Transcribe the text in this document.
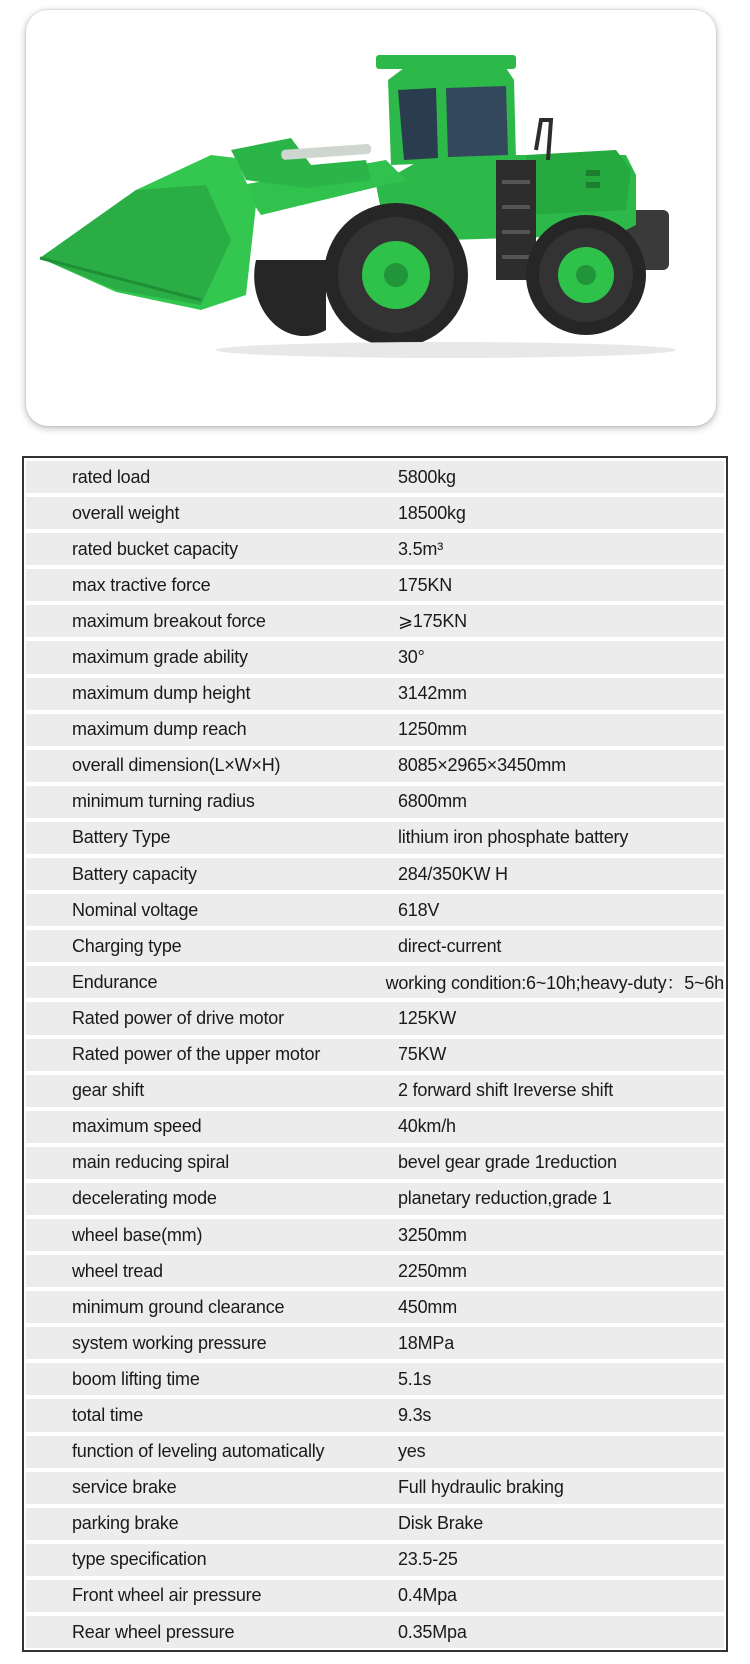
rated load	5800kg
overall weight	18500kg
rated bucket capacity	3.5m³
max tractive force	175KN
maximum breakout force	⩾175KN
maximum grade ability	30°
maximum dump height	3142mm
maximum dump reach	1250mm
overall dimension(L×W×H)	8085×2965×3450mm
minimum turning radius	6800mm
Battery Type	lithium iron phosphate battery
Battery capacity	284/350KW H
Nominal voltage	618V
Charging type	direct-current
Endurance	working condition:6~10h;heavy-duty：5~6h
Rated power of drive motor	125KW
Rated power of the upper motor	75KW
gear shift	2 forward shift Ireverse shift
maximum speed	40km/h
main reducing spiral	bevel gear grade 1reduction
decelerating mode	planetary reduction,grade 1
wheel base(mm)	3250mm
wheel tread	2250mm
minimum ground clearance	450mm
system working pressure	18MPa
boom lifting time	5.1s
total time	9.3s
function of leveling automatically	yes
service brake	Full hydraulic braking
parking brake	Disk Brake
type specification	23.5-25
Front wheel air pressure	0.4Mpa
Rear wheel pressure	0.35Mpa
